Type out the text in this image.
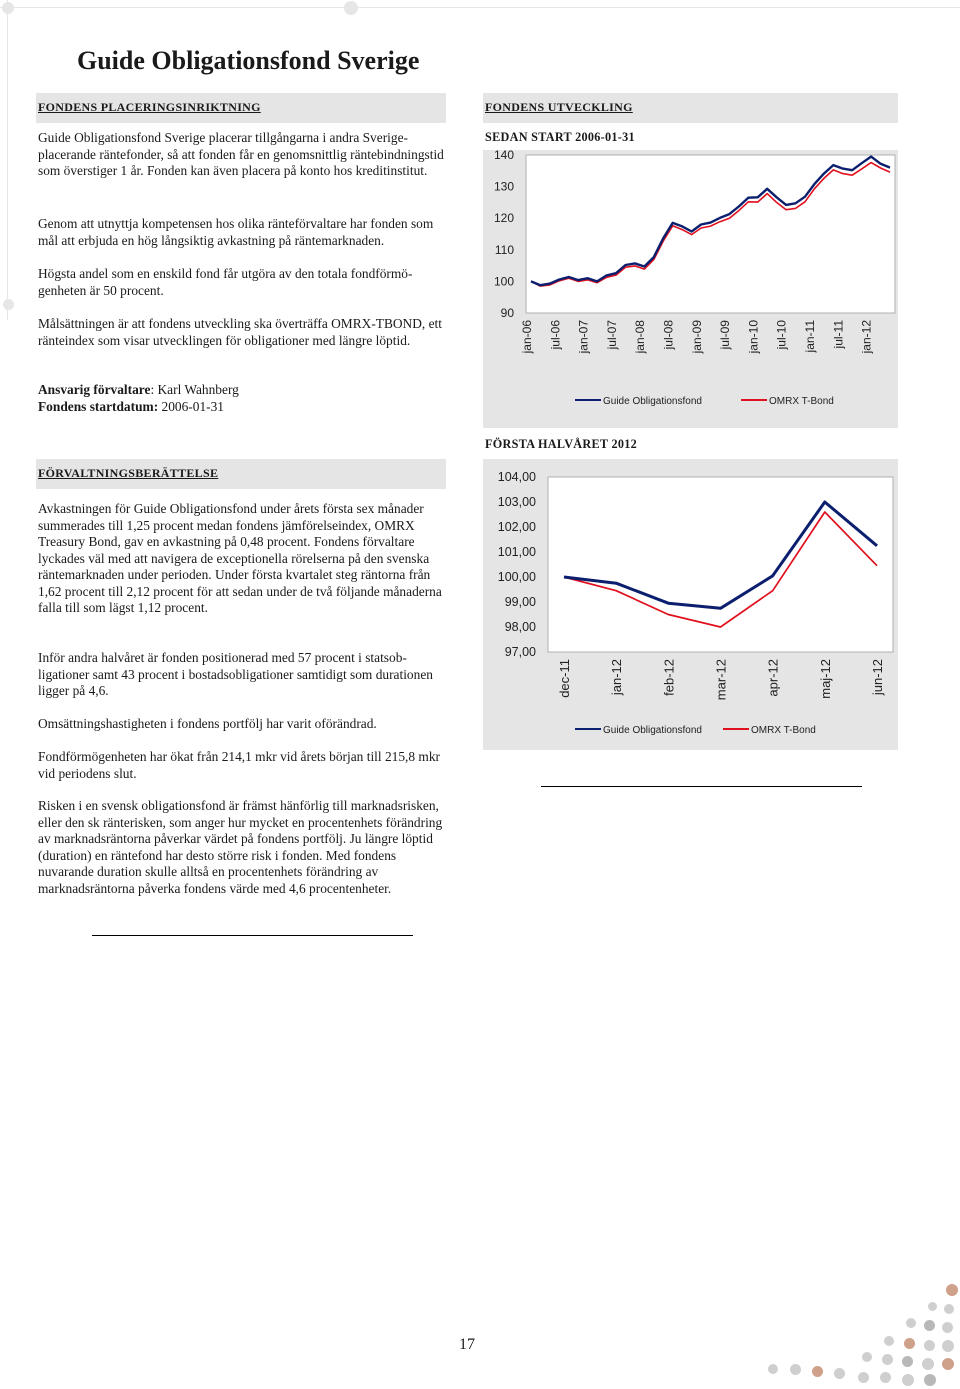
Guide Obligationsfond Sverige
FONDENS PLACERINGSINRIKTNING

Guide Obligationsfond Sverige placerar tillgångarna i andra Sverigeplacerande räntefonder, så att fonden får en genomsnittlig räntebindningstid som överstiger 1 år. Fonden kan även placera på konto hos kreditinstitut.

Genom att utnyttja kompetensen hos olika ränteförvaltare har fonden som mål att erbjuda en hög långsiktig avkastning på räntemarknaden.

Högsta andel som en enskild fond får utgöra av den totala fondförmögenheten är 50 procent.

Målsättningen är att fondens utveckling ska överträffa OMRX-TBOND, ett ränteindex som visar utvecklingen för obligationer med längre löptid.

Ansvarig förvaltare: Karl Wahnberg
Fondens startdatum: 2006-01-31
FÖRVALTNINGSBERÄTTELSE

Avkastningen för Guide Obligationsfond under årets första sex månader summerades till 1,25 procent medan fondens jämförelseindex, OMRX Treasury Bond, gav en avkastning på 0,48 procent. Fondens förvaltare lyckades väl med att navigera de exceptionella rörelserna på den svenska räntemarknaden under perioden. Under första kvartalet steg räntorna från 1,62 procent till 2,12 procent för att sedan under de två följande månaderna falla till som lägst 1,12 procent.

Inför andra halvåret är fonden positionerad med 57 procent i statsobligationer samt 43 procent i bostadsobligationer samtidigt som durationen ligger på 4,6.

Omsättningshastigheten i fondens portfölj har varit oförändrad.

Fondförmögenheten har ökat från 214,1 mkr vid årets början till 215,8 mkr vid periodens slut.

Risken i en svensk obligationsfond är främst hänförlig till marknadsrisken, eller den sk ränterisken, som anger hur mycket en procentenhets förändring av marknadsräntorna påverkar värdet på fondens portfölj. Ju längre löptid (duration) en räntefond har desto större risk i fonden. Med fondens nuvarande duration skulle alltså en procentenhets förändring av marknadsräntorna påverka fondens värde med 4,6 procentenheter.

FONDENS UTVECKLING
SEDAN START 2006-01-31
90
100
110
120
130
140
jan-06 jul-06 jan-07 jul-07 jan-08 jul-08 jan-09 jul-09 jan-10 jul-10 jan-11 jul-11 jan-12
Guide Obligationsfond	OMRX T-Bond
FÖRSTA HALVÅRET 2012
97,00
98,00
99,00
100,00
101,00
102,00
103,00
104,00
dec-11	jan-12	feb-12	mar-12	apr-12	maj-12	jun-12
Guide Obligationsfond	OMRX T-Bond
17
